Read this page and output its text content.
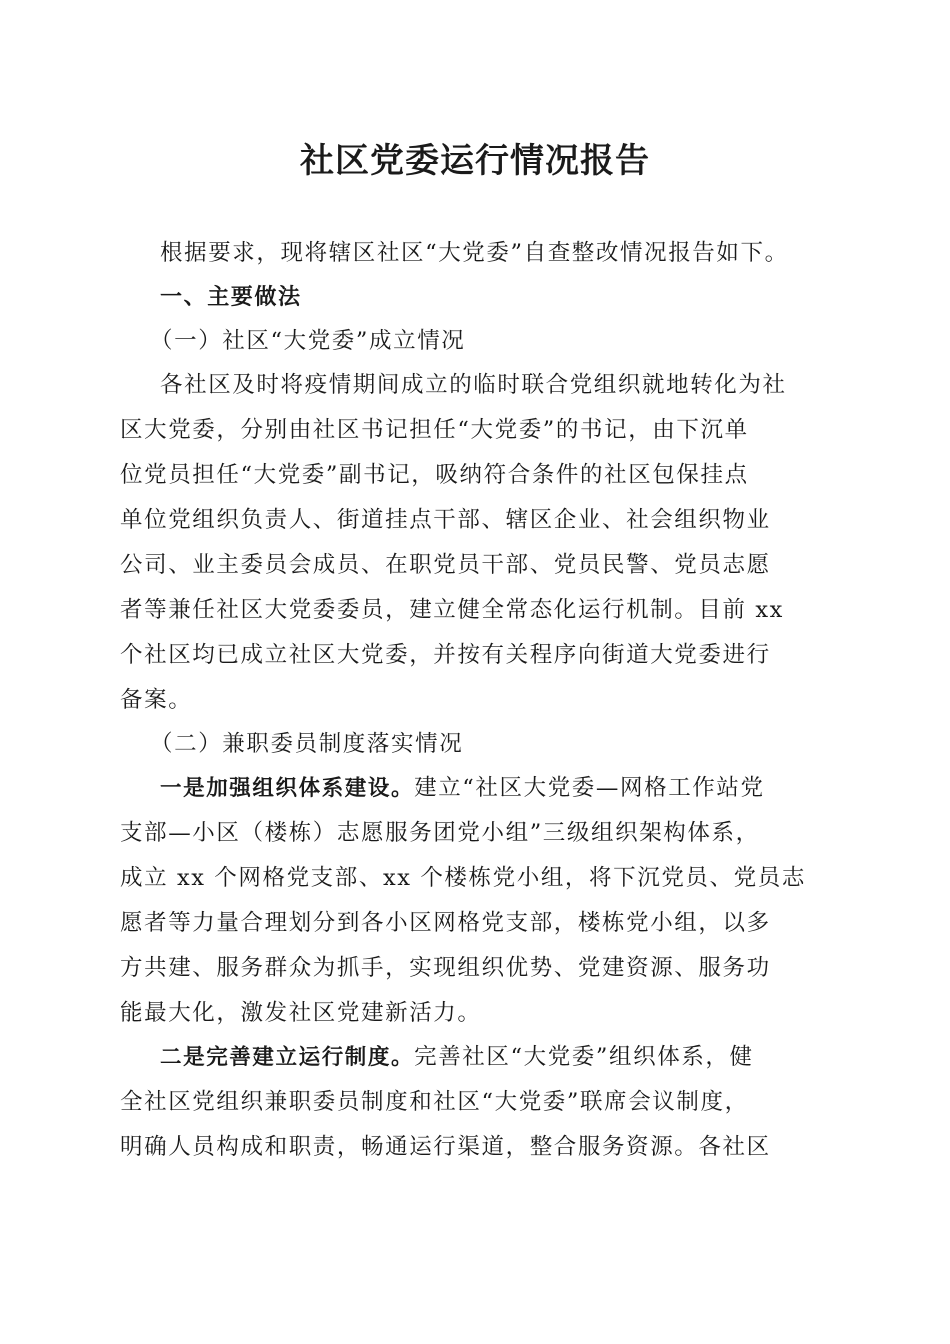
社区党委运行情况报告

根据要求，现将辖区社区“大党委”自查整改情况报告如下。

一、主要做法

（一）社区“大党委”成立情况

各社区及时将疫情期间成立的临时联合党组织就地转化为社

区大党委，分别由社区书记担任“大党委”的书记，由下沉单

位党员担任“大党委”副书记，吸纳符合条件的社区包保挂点

单位党组织负责人、街道挂点干部、辖区企业、社会组织物业

公司、业主委员会成员、在职党员干部、党员民警、党员志愿

者等兼任社区大党委委员，建立健全常态化运行机制。目前 xx

个社区均已成立社区大党委，并按有关程序向街道大党委进行

备案。

（二）兼职委员制度落实情况

一是加强组织体系建设。建立“社区大党委—网格工作站党

支部—小区（楼栋）志愿服务团党小组”三级组织架构体系，

成立 xx 个网格党支部、xx 个楼栋党小组，将下沉党员、党员志

愿者等力量合理划分到各小区网格党支部，楼栋党小组，以多

方共建、服务群众为抓手，实现组织优势、党建资源、服务功

能最大化，激发社区党建新活力。

二是完善建立运行制度。完善社区“大党委”组织体系，健

全社区党组织兼职委员制度和社区“大党委”联席会议制度，

明确人员构成和职责，畅通运行渠道，整合服务资源。各社区
